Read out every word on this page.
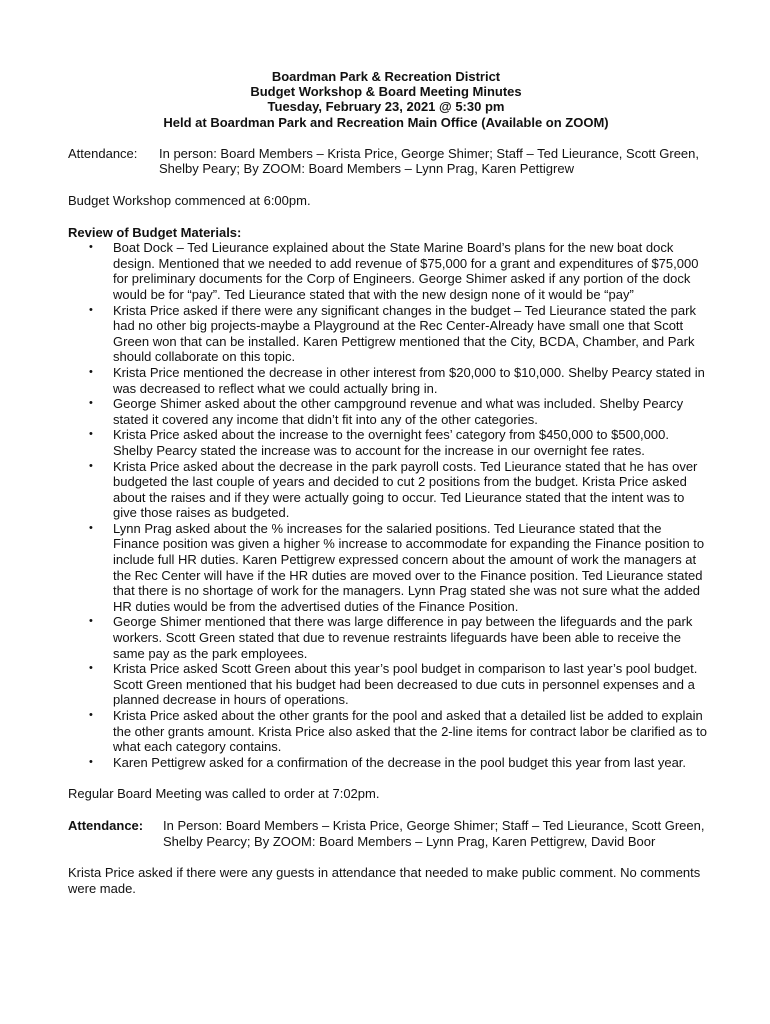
Boardman Park & Recreation District
Budget Workshop & Board Meeting Minutes
Tuesday, February 23, 2021 @ 5:30 pm
Held at Boardman Park and Recreation Main Office (Available on ZOOM)
Attendance:	In person: Board Members – Krista Price, George Shimer; Staff – Ted Lieurance, Scott Green, Shelby Peary; By ZOOM: Board Members – Lynn Prag, Karen Pettigrew
Budget Workshop commenced at 6:00pm.
Review of Budget Materials:
• Boat Dock – Ted Lieurance explained about the State Marine Board’s plans for the new boat dock design. Mentioned that we needed to add revenue of $75,000 for a grant and expenditures of $75,000 for preliminary documents for the Corp of Engineers. George Shimer asked if any portion of the dock would be for “pay”. Ted Lieurance stated that with the new design none of it would be “pay”
• Krista Price asked if there were any significant changes in the budget – Ted Lieurance stated the park had no other big projects-maybe a Playground at the Rec Center-Already have small one that Scott Green won that can be installed. Karen Pettigrew mentioned that the City, BCDA, Chamber, and Park should collaborate on this topic.
• Krista Price mentioned the decrease in other interest from $20,000 to $10,000. Shelby Pearcy stated in was decreased to reflect what we could actually bring in.
• George Shimer asked about the other campground revenue and what was included. Shelby Pearcy stated it covered any income that didn’t fit into any of the other categories.
• Krista Price asked about the increase to the overnight fees’ category from $450,000 to $500,000. Shelby Pearcy stated the increase was to account for the increase in our overnight fee rates.
• Krista Price asked about the decrease in the park payroll costs. Ted Lieurance stated that he has over budgeted the last couple of years and decided to cut 2 positions from the budget. Krista Price asked about the raises and if they were actually going to occur. Ted Lieurance stated that the intent was to give those raises as budgeted.
• Lynn Prag asked about the % increases for the salaried positions. Ted Lieurance stated that the Finance position was given a higher % increase to accommodate for expanding the Finance position to include full HR duties. Karen Pettigrew expressed concern about the amount of work the managers at the Rec Center will have if the HR duties are moved over to the Finance position. Ted Lieurance stated that there is no shortage of work for the managers. Lynn Prag stated she was not sure what the added HR duties would be from the advertised duties of the Finance Position.
• George Shimer mentioned that there was large difference in pay between the lifeguards and the park workers. Scott Green stated that due to revenue restraints lifeguards have been able to receive the same pay as the park employees.
• Krista Price asked Scott Green about this year’s pool budget in comparison to last year’s pool budget. Scott Green mentioned that his budget had been decreased to due cuts in personnel expenses and a planned decrease in hours of operations.
• Krista Price asked about the other grants for the pool and asked that a detailed list be added to explain the other grants amount. Krista Price also asked that the 2-line items for contract labor be clarified as to what each category contains.
• Karen Pettigrew asked for a confirmation of the decrease in the pool budget this year from last year.
Regular Board Meeting was called to order at 7:02pm.
Attendance:	In Person: Board Members – Krista Price, George Shimer; Staff – Ted Lieurance, Scott Green, Shelby Pearcy; By ZOOM: Board Members – Lynn Prag, Karen Pettigrew, David Boor
Krista Price asked if there were any guests in attendance that needed to make public comment. No comments were made.
